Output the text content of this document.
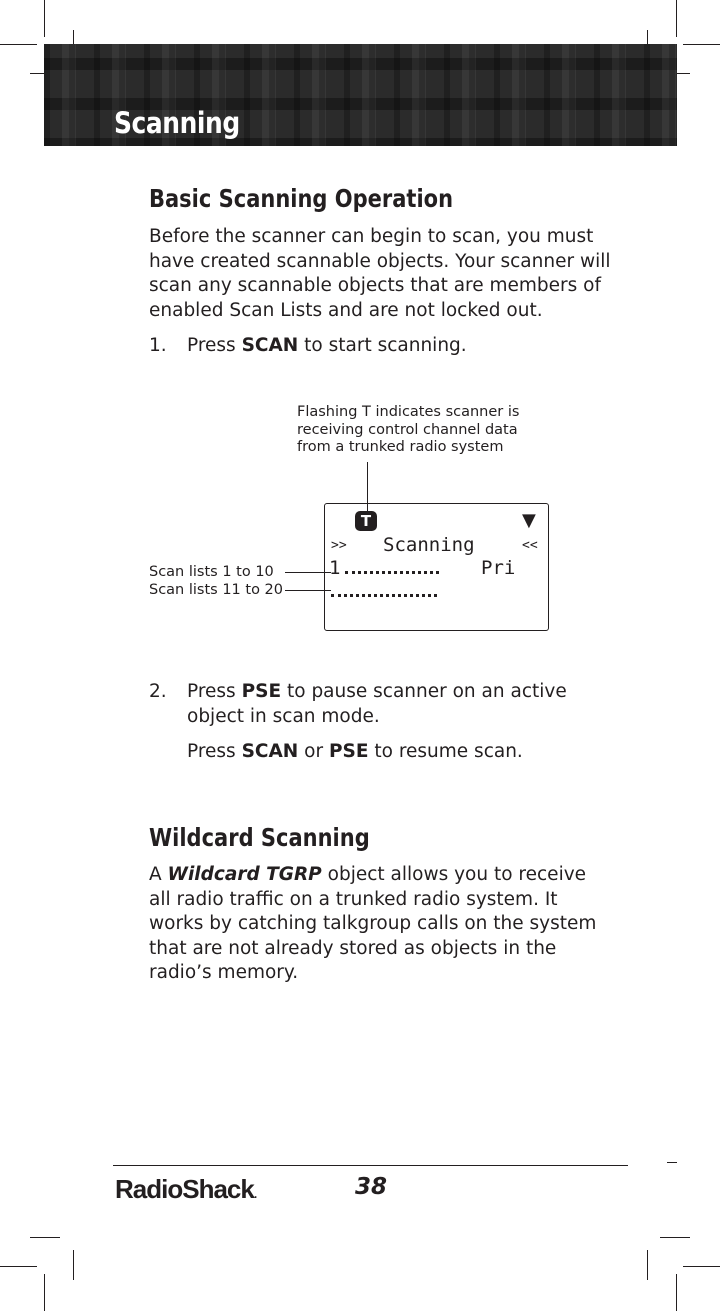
Scanning
Basic Scanning Operation

Before the scanner can begin to scan, you must have created scannable objects. Your scanner will scan any scannable objects that are members of enabled Scan Lists and are not locked out.

1. Press SCAN to start scanning.
Flashing T indicates scanner is
receiving control channel data
from a trunked radio system
Scan lists 1 to 10
Scan lists 11 to 20
T	▼
>> Scanning	<<
1	Pri
2. Press PSE to pause scanner on an active object in scan mode.
Press SCAN or PSE to resume scan.
Wildcard Scanning

A Wildcard TGRP object allows you to receive all radio traffic on a trunked radio system. It works by catching talkgroup calls on the system that are not already stored as objects in the radio’s memory.

RadioShack.	38
